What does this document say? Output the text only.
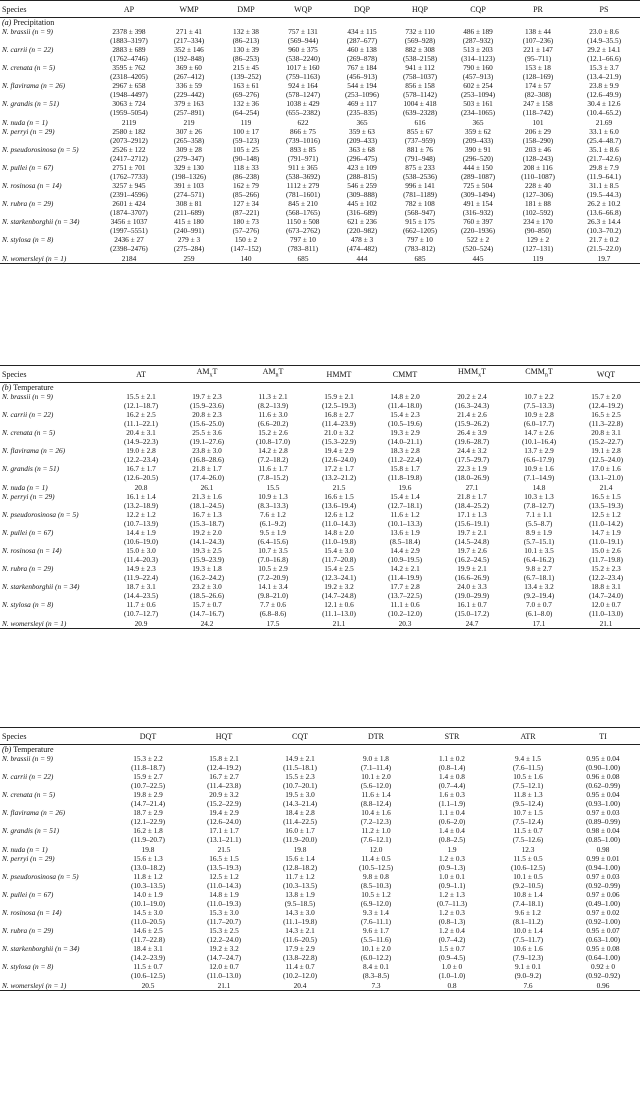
Species	AP	WMP	DMP	WQP	DQP	HQP	CQP	PR	PS
(a) Precipitation									
N. brassii (n = 9)	2378 ± 398	271 ± 41	132 ± 38	757 ± 131	434 ± 115	732 ± 110	486 ± 189	138 ± 44	23.0 ± 8.6
	(1883–3197)	(217–334)	(86–213)	(569–944)	(287–677)	(569–928)	(287–932)	(107–236)	(14.9–35.5)
N. carrii (n = 22)	2883 ± 689	352 ± 146	130 ± 39	960 ± 375	460 ± 138	882 ± 308	513 ± 203	221 ± 147	29.2 ± 14.1
	(1762–4746)	(192–848)	(86–253)	(538–2240)	(269–878)	(538–2158)	(314–1123)	(95–711)	(12.1–66.6)
N. crenata (n = 5)	3595 ± 762	369 ± 60	215 ± 45	1017 ± 160	767 ± 184	941 ± 112	790 ± 160	153 ± 18	15.3 ± 3.7
	(2318–4205)	(267–412)	(139–252)	(759–1163)	(456–913)	(758–1037)	(457–913)	(128–169)	(13.4–21.9)
N. flavirama (n = 26)	2967 ± 658	336 ± 59	163 ± 61	924 ± 164	544 ± 194	856 ± 158	602 ± 254	174 ± 57	23.8 ± 9.9
	(1948–4497)	(229–442)	(69–276)	(578–1247)	(253–1096)	(578–1142)	(253–1094)	(82–308)	(12.6–49.9)
N. grandis (n = 51)	3063 ± 724	379 ± 163	132 ± 36	1038 ± 429	469 ± 117	1004 ± 418	503 ± 161	247 ± 158	30.4 ± 12.6
	(1959–5054)	(257–891)	(64–254)	(655–2382)	(235–835)	(639–2328)	(234–1065)	(118–742)	(10.4–65.2)
N. nuda (n = 1)	2119	219	119	622	365	616	365	101	21.69
N. perryi (n = 29)	2580 ± 182	307 ± 26	100 ± 17	866 ± 75	359 ± 63	855 ± 67	359 ± 62	206 ± 29	33.1 ± 6.0
	(2073–2912)	(265–358)	(59–123)	(739–1016)	(209–433)	(737–959)	(209–433)	(158–290)	(25.4–48.7)
N. pseudorosinosa (n = 5)	2526 ± 122	309 ± 28	105 ± 25	893 ± 85	363 ± 68	881 ± 76	390 ± 91	203 ± 46	35.1 ± 8.6
	(2417–2712)	(279–347)	(90–148)	(791–971)	(296–475)	(791–948)	(296–520)	(128–243)	(21.7–42.6)
N. pullei (n = 67)	2751 ± 701	329 ± 130	118 ± 33	911 ± 365	423 ± 109	875 ± 233	444 ± 150	208 ± 116	29.8 ± 7.9
	(1762–7733)	(198–1326)	(86–238)	(538–3692)	(288–815)	(538–2536)	(289–1087)	(110–1087)	(11.9–64.1)
N. rosinosa (n = 14)	3257 ± 945	391 ± 103	162 ± 79	1112 ± 279	546 ± 259	996 ± 141	725 ± 504	228 ± 40	31.1 ± 8.5
	(2391–4596)	(274–571)	(85–266)	(781–1601)	(309–888)	(781–1189)	(309–1494)	(127–306)	(19.5–44.3)
N. rubra (n = 29)	2601 ± 424	308 ± 81	127 ± 34	845 ± 210	445 ± 102	782 ± 108	491 ± 154	181 ± 88	26.2 ± 10.2
	(1874–3707)	(211–689)	(87–221)	(568–1765)	(316–689)	(568–947)	(316–932)	(102–592)	(13.6–66.8)
N. starkenborghii (n = 34)	3456 ± 1037	415 ± 180	180 ± 73	1150 ± 508	621 ± 236	915 ± 175	760 ± 397	234 ± 170	26.3 ± 14.4
	(1997–5551)	(240–991)	(57–276)	(673–2762)	(220–982)	(662–1205)	(220–1936)	(90–850)	(10.3–70.2)
N. stylosa (n = 8)	2436 ± 27	279 ± 3	150 ± 2	797 ± 10	478 ± 3	797 ± 10	522 ± 2	129 ± 2	21.7 ± 0.2
	(2398–2476)	(275–284)	(147–152)	(783–811)	(474–482)	(783–812)	(520–524)	(127–131)	(21.5–22.0)
N. womersleyi (n = 1)	2184	259	140	685	444	685	445	119	19.7
Species	AT	$AM_xT$	$AM_nT$	HMMT	CMMT	$HMM_xT$	$CMM_nT$	WQT
(b) Temperature								
N. brassii (n = 9)	15.5 ± 2.1	19.7 ± 2.3	11.3 ± 2.1	15.9 ± 2.1	14.8 ± 2.0	20.2 ± 2.4	10.7 ± 2.2	15.7 ± 2.0
	(12.1–18.7)	(15.9–23.6)	(8.2–13.9)	(12.5–19.3)	(11.4–18.0)	(16.3–24.3)	(7.5–13.3)	(12.4–19.2)
N. carrii (n = 22)	16.2 ± 2.5	20.8 ± 2.3	11.6 ± 3.0	16.8 ± 2.7	15.4 ± 2.3	21.4 ± 2.6	10.9 ± 2.8	16.5 ± 2.5
	(11.1–22.1)	(15.6–25.0)	(6.6–20.2)	(11.4–23.9)	(10.5–19.6)	(15.9–26.2)	(6.0–17.7)	(11.3–22.8)
N. crenata (n = 5)	20.4 ± 3.1	25.5 ± 3.6	15.2 ± 2.6	21.0 ± 3.2	19.3 ± 2.9	26.4 ± 3.9	14.7 ± 2.6	20.8 ± 3.1
	(14.9–22.3)	(19.1–27.6)	(10.8–17.0)	(15.3–22.9)	(14.0–21.1)	(19.6–28.7)	(10.1–16.4)	(15.2–22.7)
N. flavirama (n = 26)	19.0 ± 2.8	23.8 ± 3.0	14.2 ± 2.8	19.4 ± 2.9	18.3 ± 2.8	24.4 ± 3.2	13.7 ± 2.9	19.1 ± 2.8
	(12.2–23.4)	(16.8–28.6)	(7.2–18.2)	(12.6–24.0)	(11.2–22.4)	(17.5–29.7)	(6.6–17.9)	(12.5–24.0)
N. grandis (n = 51)	16.7 ± 1.7	21.8 ± 1.7	11.6 ± 1.7	17.2 ± 1.7	15.8 ± 1.7	22.3 ± 1.9	10.9 ± 1.6	17.0 ± 1.6
	(12.6–20.5)	(17.4–26.0)	(7.8–15.2)	(13.2–21.2)	(11.8–19.8)	(18.0–26.9)	(7.1–14.9)	(13.1–21.0)
N. nuda (n = 1)	20.8	26.1	15.5	21.5	19.6	27.1	14.8	21.4
N. perryi (n = 29)	16.1 ± 1.4	21.3 ± 1.6	10.9 ± 1.3	16.6 ± 1.5	15.4 ± 1.4	21.8 ± 1.7	10.3 ± 1.3	16.5 ± 1.5
	(13.2–18.9)	(18.1–24.5)	(8.3–13.3)	(13.6–19.4)	(12.7–18.1)	(18.4–25.2)	(7.8–12.7)	(13.5–19.3)
N. pseudorosinosa (n = 5)	12.2 ± 1.2	16.7 ± 1.3	7.6 ± 1.2	12.6 ± 1.2	11.6 ± 1.2	17.1 ± 1.3	7.1 ± 1.1	12.5 ± 1.2
	(10.7–13.9)	(15.3–18.7)	(6.1–9.2)	(11.0–14.3)	(10.1–13.3)	(15.6–19.1)	(5.5–8.7)	(11.0–14.2)
N. pullei (n = 67)	14.4 ± 1.9	19.2 ± 2.0	9.5 ± 1.9	14.8 ± 2.0	13.6 ± 1.9	19.7 ± 2.1	8.9 ± 1.9	14.7 ± 1.9
	(10.6–19.0)	(14.1–24.3)	(6.4–15.6)	(11.0–19.8)	(8.5–18.4)	(14.5–24.8)	(5.7–15.1)	(11.0–19.1)
N. rosinosa (n = 14)	15.0 ± 3.0	19.3 ± 2.5	10.7 ± 3.5	15.4 ± 3.0	14.4 ± 2.9	19.7 ± 2.6	10.1 ± 3.5	15.0 ± 2.6
	(11.4–20.3)	(15.9–23.9)	(7.0–16.8)	(11.7–20.8)	(10.9–19.5)	(16.2–24.5)	(6.4–16.2)	(11.7–19.8)
N. rubra (n = 29)	14.9 ± 2.3	19.3 ± 1.8	10.5 ± 2.9	15.4 ± 2.5	14.2 ± 2.1	19.9 ± 2.1	9.8 ± 2.7	15.2 ± 2.3
	(11.9–22.4)	(16.2–24.2)	(7.2–20.9)	(12.3–24.1)	(11.4–19.9)	(16.6–26.9)	(6.7–18.1)	(12.2–23.4)
N. starkenborghii (n = 34)	18.7 ± 3.1	23.2 ± 3.0	14.1 ± 3.4	19.2 ± 3.2	17.7 ± 2.8	24.0 ± 3.3	13.4 ± 3.2	18.8 ± 3.1
	(14.4–23.5)	(18.5–26.6)	(9.8–21.0)	(14.7–24.8)	(13.7–22.5)	(19.0–29.9)	(9.2–19.4)	(14.7–24.0)
N. stylosa (n = 8)	11.7 ± 0.6	15.7 ± 0.7	7.7 ± 0.6	12.1 ± 0.6	11.1 ± 0.6	16.1 ± 0.7	7.0 ± 0.7	12.0 ± 0.7
	(10.7–12.7)	(14.7–16.7)	(6.8–8.6)	(11.1–13.0)	(10.2–12.0)	(15.0–17.2)	(6.1–8.0)	(11.0–13.0)
N. womersleyi (n = 1)	20.9	24.2	17.5	21.1	20.3	24.7	17.1	21.1
Species	DQT	HQT	CQT	DTR	STR	ATR	TI
(b) Temperature							
N. brassii (n = 9)	15.3 ± 2.2	15.8 ± 2.1	14.9 ± 2.1	9.0 ± 1.8	1.1 ± 0.2	9.4 ± 1.5	0.95 ± 0.04
	(11.8–18.7)	(12.4–19.2)	(11.5–18.1)	(7.1–11.4)	(0.8–1.4)	(7.6–11.5)	(0.90–1.00)
N. carrii (n = 22)	15.9 ± 2.7	16.7 ± 2.7	15.5 ± 2.3	10.1 ± 2.0	1.4 ± 0.8	10.5 ± 1.6	0.96 ± 0.08
	(10.7–22.5)	(11.4–23.8)	(10.7–20.1)	(5.6–12.0)	(0.7–4.4)	(7.5–12.1)	(0.62–0.99)
N. crenata (n = 5)	19.8 ± 2.9	20.9 ± 3.2	19.5 ± 3.0	11.6 ± 1.4	1.6 ± 0.3	11.8 ± 1.3	0.95 ± 0.04
	(14.7–21.4)	(15.2–22.9)	(14.3–21.4)	(8.8–12.4)	(1.1–1.9)	(9.5–12.4)	(0.93–1.00)
N. flavirama (n = 26)	18.7 ± 2.9	19.4 ± 2.9	18.4 ± 2.8	10.4 ± 1.6	1.1 ± 0.4	10.7 ± 1.5	0.97 ± 0.03
	(12.1–22.9)	(12.6–24.0)	(11.4–22.5)	(7.2–12.3)	(0.6–2.0)	(7.5–12.4)	(0.89–0.99)
N. grandis (n = 51)	16.2 ± 1.8	17.1 ± 1.7	16.0 ± 1.7	11.2 ± 1.0	1.4 ± 0.4	11.5 ± 0.7	0.98 ± 0.04
	(11.9–20.7)	(13.1–21.1)	(11.9–20.0)	(7.6–12.1)	(0.8–2.5)	(7.5–12.6)	(0.85–1.00)
N. nuda (n = 1)	19.8	21.5	19.8	12.0	1.9	12.3	0.98
N. perryi (n = 29)	15.6 ± 1.3	16.5 ± 1.5	15.6 ± 1.4	11.4 ± 0.5	1.2 ± 0.3	11.5 ± 0.5	0.99 ± 0.01
	(13.0–18.2)	(13.5–19.3)	(12.8–18.2)	(10.5–12.5)	(0.9–1.3)	(10.6–12.5)	(0.94–1.00)
N. pseudorosinosa (n = 5)	11.8 ± 1.2	12.5 ± 1.2	11.7 ± 1.2	9.8 ± 0.8	1.0 ± 0.1	10.1 ± 0.5	0.97 ± 0.03
	(10.3–13.5)	(11.0–14.3)	(10.3–13.5)	(8.5–10.3)	(0.9–1.1)	(9.2–10.5)	(0.92–0.99)
N. pullei (n = 67)	14.0 ± 1.9	14.8 ± 1.9	13.8 ± 1.9	10.5 ± 1.2	1.2 ± 1.3	10.8 ± 1.4	0.97 ± 0.06
	(10.1–19.0)	(11.0–19.3)	(9.5–18.5)	(6.9–12.0)	(0.7–11.3)	(7.4–18.1)	(0.49–1.00)
N. rosinosa (n = 14)	14.5 ± 3.0	15.3 ± 3.0	14.3 ± 3.0	9.3 ± 1.4	1.2 ± 0.3	9.6 ± 1.2	0.97 ± 0.02
	(11.0–20.5)	(11.7–20.7)	(11.1–19.8)	(7.6–11.1)	(0.8–1.3)	(8.1–11.2)	(0.92–1.00)
N. rubra (n = 29)	14.6 ± 2.5	15.3 ± 2.5	14.3 ± 2.1	9.6 ± 1.7	1.2 ± 0.4	10.0 ± 1.4	0.95 ± 0.07
	(11.7–22.8)	(12.2–24.0)	(11.6–20.5)	(5.5–11.6)	(0.7–4.2)	(7.5–11.7)	(0.63–1.00)
N. starkenborghii (n = 34)	18.4 ± 3.1	19.2 ± 3.2	17.9 ± 2.9	10.1 ± 2.0	1.5 ± 0.7	10.6 ± 1.6	0.95 ± 0.08
	(14.2–23.9)	(14.7–24.7)	(13.8–22.8)	(6.0–12.2)	(0.9–4.5)	(7.9–12.3)	(0.64–1.00)
N. stylosa (n = 8)	11.5 ± 0.7	12.0 ± 0.7	11.4 ± 0.7	8.4 ± 0.1	1.0 ± 0	9.1 ± 0.1	0.92 ± 0
	(10.6–12.5)	(11.0–13.0)	(10.2–12.0)	(8.3–8.5)	(1.0–1.0)	(9.0–9.2)	(0.92–0.92)
N. womersleyi (n = 1)	20.5	21.1	20.4	7.3	0.8	7.6	0.96
